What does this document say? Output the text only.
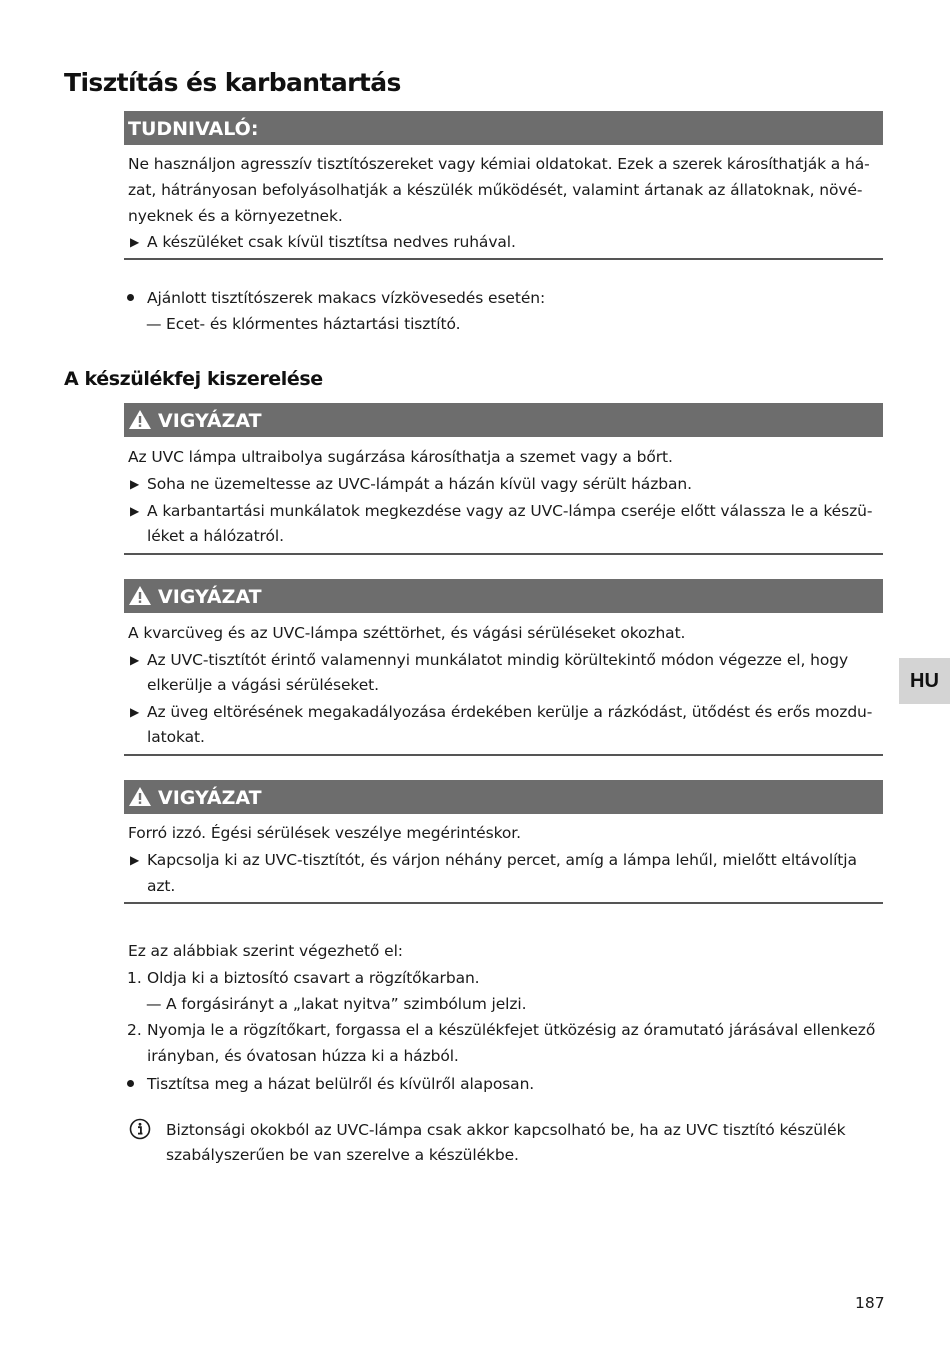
Tisztítás és karbantartás
TUDNIVALÓ:
Ne használjon agresszív tisztítószereket vagy kémiai oldatokat. Ezek a szerek károsíthatják a há-
zat, hátrányosan befolyásolhatják a készülék működését, valamint ártanak az állatoknak, növé-
nyeknek és a környezetnek.
▶ A készüléket csak kívül tisztítsa nedves ruhával.
Ajánlott tisztítószerek makacs vízkövesedés esetén:
— Ecet- és klórmentes háztartási tisztító.
A készülékfej kiszerelése
VIGYÁZAT
Az UVC lámpa ultraibolya sugárzása károsíthatja a szemet vagy a bőrt.
▶ Soha ne üzemeltesse az UVC-lámpát a házán kívül vagy sérült házban.
▶ A karbantartási munkálatok megkezdése vagy az UVC-lámpa cseréje előtt válassza le a készü-
léket a hálózatról.
VIGYÁZAT
A kvarcüveg és az UVC-lámpa széttörhet, és vágási sérüléseket okozhat.
▶ Az UVC-tisztítót érintő valamennyi munkálatot mindig körültekintő módon végezze el, hogy
elkerülje a vágási sérüléseket.
▶ Az üveg eltörésének megakadályozása érdekében kerülje a rázkódást, ütődést és erős mozdu-
latokat.
VIGYÁZAT
Forró izzó. Égési sérülések veszélye megérintéskor.
▶ Kapcsolja ki az UVC-tisztítót, és várjon néhány percet, amíg a lámpa lehűl, mielőtt eltávolítja
azt.
Ez az alábbiak szerint végezhető el:
1. Oldja ki a biztosító csavart a rögzítőkarban.
— A forgásirányt a „lakat nyitva” szimbólum jelzi.
2. Nyomja le a rögzítőkart, forgassa el a készülékfejet ütközésig az óramutató járásával ellenkező
irányban, és óvatosan húzza ki a házból.
Tisztítsa meg a házat belülről és kívülről alaposan.
Biztonsági okokból az UVC-lámpa csak akkor kapcsolható be, ha az UVC tisztító készülék
szabályszerűen be van szerelve a készülékbe.
HU
187
